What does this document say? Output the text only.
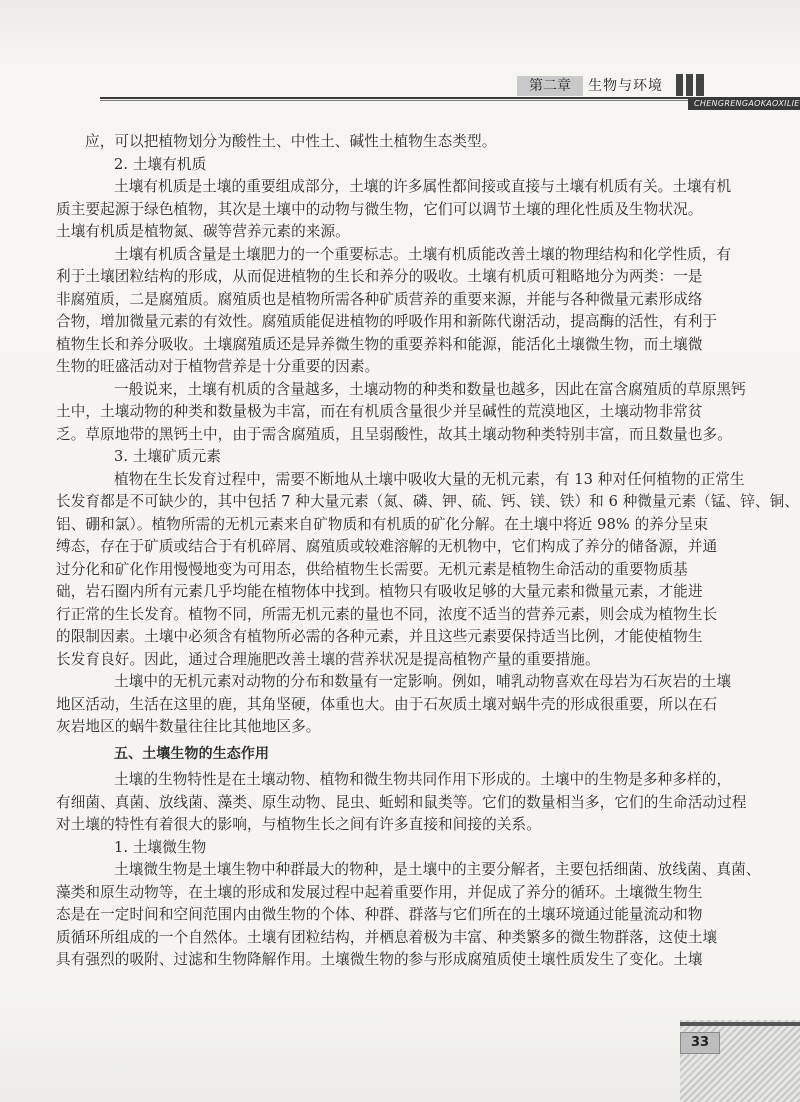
第二章	生物与环境
CHENGRENGAOKAOXILIE
应，可以把植物划分为酸性土、中性土、碱性土植物生态类型。
2. 土壤有机质
土壤有机质是土壤的重要组成部分，土壤的许多属性都间接或直接与土壤有机质有关。土壤有机
质主要起源于绿色植物，其次是土壤中的动物与微生物，它们可以调节土壤的理化性质及生物状况。
土壤有机质是植物氮、碳等营养元素的来源。
土壤有机质含量是土壤肥力的一个重要标志。土壤有机质能改善土壤的物理结构和化学性质，有
利于土壤团粒结构的形成，从而促进植物的生长和养分的吸收。土壤有机质可粗略地分为两类：一是
非腐殖质，二是腐殖质。腐殖质也是植物所需各种矿质营养的重要来源，并能与各种微量元素形成络
合物，增加微量元素的有效性。腐殖质能促进植物的呼吸作用和新陈代谢活动，提高酶的活性，有利于
植物生长和养分吸收。土壤腐殖质还是异养微生物的重要养料和能源，能活化土壤微生物，而土壤微
生物的旺盛活动对于植物营养是十分重要的因素。
一般说来，土壤有机质的含量越多，土壤动物的种类和数量也越多，因此在富含腐殖质的草原黑钙
土中，土壤动物的种类和数量极为丰富，而在有机质含量很少并呈碱性的荒漠地区，土壤动物非常贫
乏。草原地带的黑钙土中，由于需含腐殖质，且呈弱酸性，故其土壤动物种类特别丰富，而且数量也多。
3. 土壤矿质元素
植物在生长发育过程中，需要不断地从土壤中吸收大量的无机元素，有 13 种对任何植物的正常生
长发育都是不可缺少的，其中包括 7 种大量元素（氮、磷、钾、硫、钙、镁、铁）和 6 种微量元素（锰、锌、铜、
铝、硼和氯）。植物所需的无机元素来自矿物质和有机质的矿化分解。在土壤中将近 98% 的养分呈束
缚态，存在于矿质或结合于有机碎屑、腐殖质或较难溶解的无机物中，它们构成了养分的储备源，并通
过分化和矿化作用慢慢地变为可用态，供给植物生长需要。无机元素是植物生命活动的重要物质基
础，岩石圈内所有元素几乎均能在植物体中找到。植物只有吸收足够的大量元素和微量元素，才能进
行正常的生长发育。植物不同，所需无机元素的量也不同，浓度不适当的营养元素，则会成为植物生长
的限制因素。土壤中必须含有植物所必需的各种元素，并且这些元素要保持适当比例，才能使植物生
长发育良好。因此，通过合理施肥改善土壤的营养状况是提高植物产量的重要措施。
土壤中的无机元素对动物的分布和数量有一定影响。例如，哺乳动物喜欢在母岩为石灰岩的土壤
地区活动，生活在这里的鹿，其角坚硬，体重也大。由于石灰质土壤对蜗牛壳的形成很重要，所以在石
灰岩地区的蜗牛数量往往比其他地区多。
五、土壤生物的生态作用
土壤的生物特性是在土壤动物、植物和微生物共同作用下形成的。土壤中的生物是多种多样的，
有细菌、真菌、放线菌、藻类、原生动物、昆虫、蚯蚓和鼠类等。它们的数量相当多，它们的生命活动过程
对土壤的特性有着很大的影响，与植物生长之间有许多直接和间接的关系。
1. 土壤微生物
土壤微生物是土壤生物中种群最大的物种，是土壤中的主要分解者，主要包括细菌、放线菌、真菌、
藻类和原生动物等，在土壤的形成和发展过程中起着重要作用，并促成了养分的循环。土壤微生物生
态是在一定时间和空间范围内由微生物的个体、种群、群落与它们所在的土壤环境通过能量流动和物
质循环所组成的一个自然体。土壤有团粒结构，并栖息着极为丰富、种类繁多的微生物群落，这使土壤
具有强烈的吸附、过滤和生物降解作用。土壤微生物的参与形成腐殖质使土壤性质发生了变化。土壤
33
